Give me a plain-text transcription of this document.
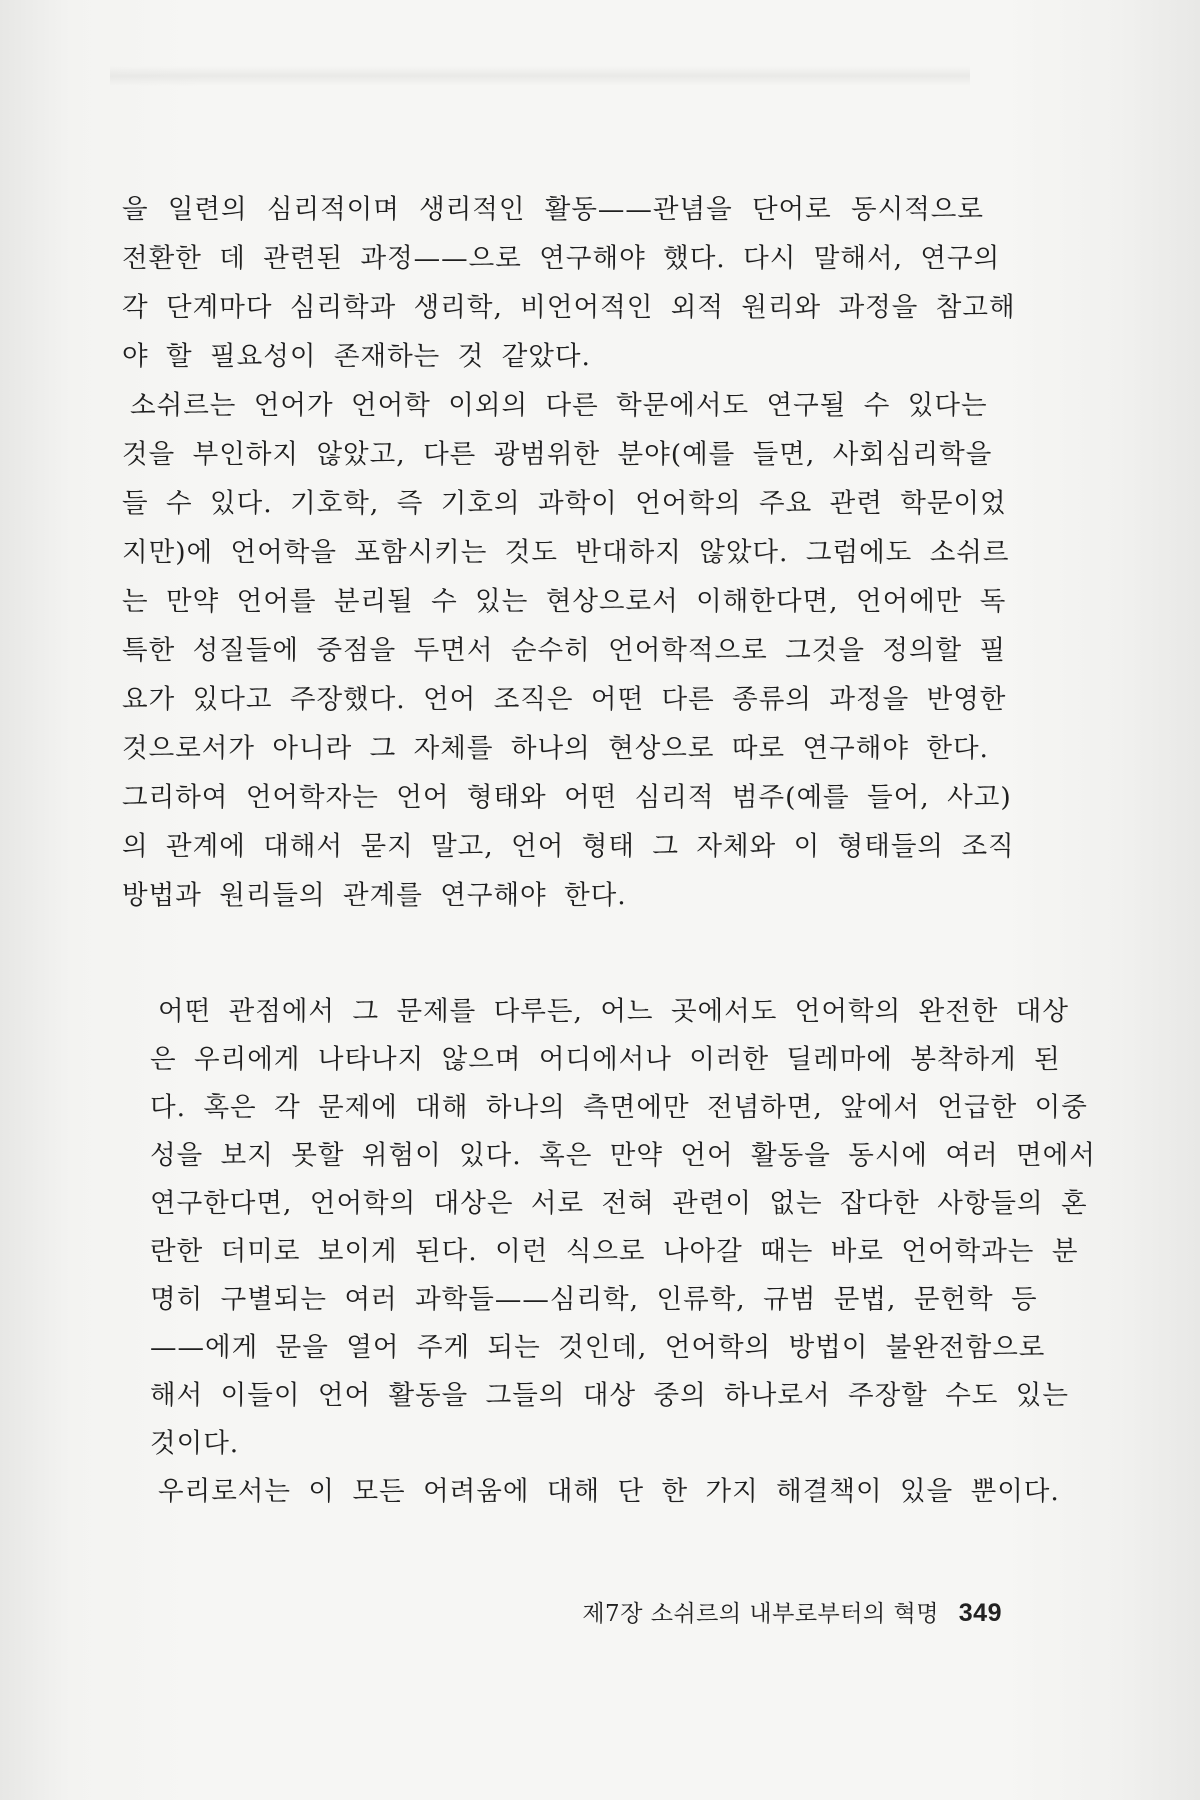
을 일련의 심리적이며 생리적인 활동——관념을 단어로 동시적으로
전환한 데 관련된 과정——으로 연구해야 했다. 다시 말해서, 연구의
각 단계마다 심리학과 생리학, 비언어적인 외적 원리와 과정을 참고해
야 할 필요성이 존재하는 것 같았다.
소쉬르는 언어가 언어학 이외의 다른 학문에서도 연구될 수 있다는
것을 부인하지 않았고, 다른 광범위한 분야(예를 들면, 사회심리학을
들 수 있다. 기호학, 즉 기호의 과학이 언어학의 주요 관련 학문이었
지만)에 언어학을 포함시키는 것도 반대하지 않았다. 그럼에도 소쉬르
는 만약 언어를 분리될 수 있는 현상으로서 이해한다면, 언어에만 독
특한 성질들에 중점을 두면서 순수히 언어학적으로 그것을 정의할 필
요가 있다고 주장했다. 언어 조직은 어떤 다른 종류의 과정을 반영한
것으로서가 아니라 그 자체를 하나의 현상으로 따로 연구해야 한다.
그리하여 언어학자는 언어 형태와 어떤 심리적 범주(예를 들어, 사고)
의 관계에 대해서 묻지 말고, 언어 형태 그 자체와 이 형태들의 조직
방법과 원리들의 관계를 연구해야 한다.
어떤 관점에서 그 문제를 다루든, 어느 곳에서도 언어학의 완전한 대상
은 우리에게 나타나지 않으며 어디에서나 이러한 딜레마에 봉착하게 된
다. 혹은 각 문제에 대해 하나의 측면에만 전념하면, 앞에서 언급한 이중
성을 보지 못할 위험이 있다. 혹은 만약 언어 활동을 동시에 여러 면에서
연구한다면, 언어학의 대상은 서로 전혀 관련이 없는 잡다한 사항들의 혼
란한 더미로 보이게 된다. 이런 식으로 나아갈 때는 바로 언어학과는 분
명히 구별되는 여러 과학들——심리학, 인류학, 규범 문법, 문헌학 등
——에게 문을 열어 주게 되는 것인데, 언어학의 방법이 불완전함으로
해서 이들이 언어 활동을 그들의 대상 중의 하나로서 주장할 수도 있는
것이다.
우리로서는 이 모든 어려움에 대해 단 한 가지 해결책이 있을 뿐이다.
제7장 소쉬르의 내부로부터의 혁명 349
